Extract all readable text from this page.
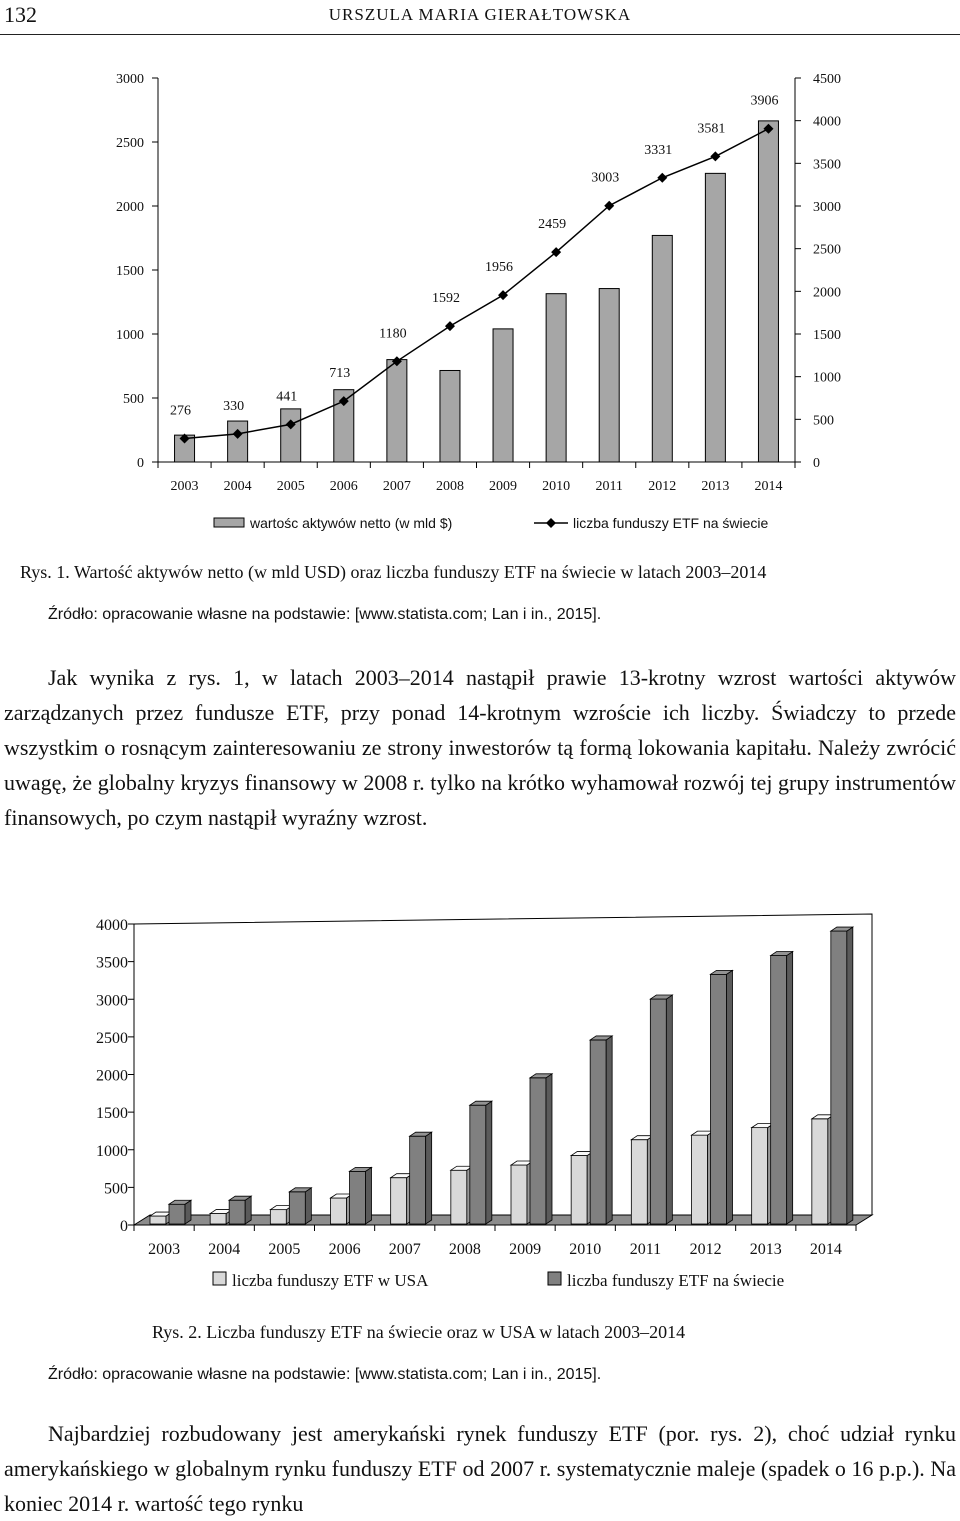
132	URSZULA MARIA GIERAŁTOWSKA
0
500
1000
1500
2000
2500
3000
0
500
1000
1500
2000
2500
3000
3500
4000
4500
2003 2004 2005 2006 2007 2008 2009 2010 2011 2012 2013 2014
276 330
441
713
1180
1592
1956
2459
3003
3331
3581
3906
wartośc aktywów netto (w mld $)	liczba funduszy ETF na świecie
Rys. 1. Wartość aktywów netto (w mld USD) oraz liczba funduszy ETF na świecie w latach 2003–2014
Źródło: opracowanie własne na podstawie: [www.statista.com; Lan i in., 2015].
Jak wynika z rys. 1, w latach 2003–2014 nastąpił prawie 13-krotny wzrost wartości aktywów zarządzanych przez fundusze ETF, przy ponad 14-krotnym wzroście ich liczby. Świadczy to przede wszystkim o rosnącym zainteresowaniu ze strony inwestorów tą formą lokowania kapitału. Należy zwrócić uwagę, że globalny kryzys finansowy w 2008 r. tylko na krótko wyhamował rozwój tej grupy instrumentów finansowych, po czym nastąpił wyraźny wzrost.
0
500
1000
1500
2000
2500
3000
3500
4000
2003 2004 2005 2006 2007 2008 2009 2010 2011 2012 2013 2014
liczba funduszy ETF w USA	liczba funduszy ETF na świecie
Rys. 2. Liczba funduszy ETF na świecie oraz w USA w latach 2003–2014
Źródło: opracowanie własne na podstawie: [www.statista.com; Lan i in., 2015].
Najbardziej rozbudowany jest amerykański rynek funduszy ETF (por. rys. 2), choć udział rynku amerykańskiego w globalnym rynku funduszy ETF od 2007 r. systematycznie maleje (spadek o 16 p.p.). Na koniec 2014 r. wartość tego rynku
